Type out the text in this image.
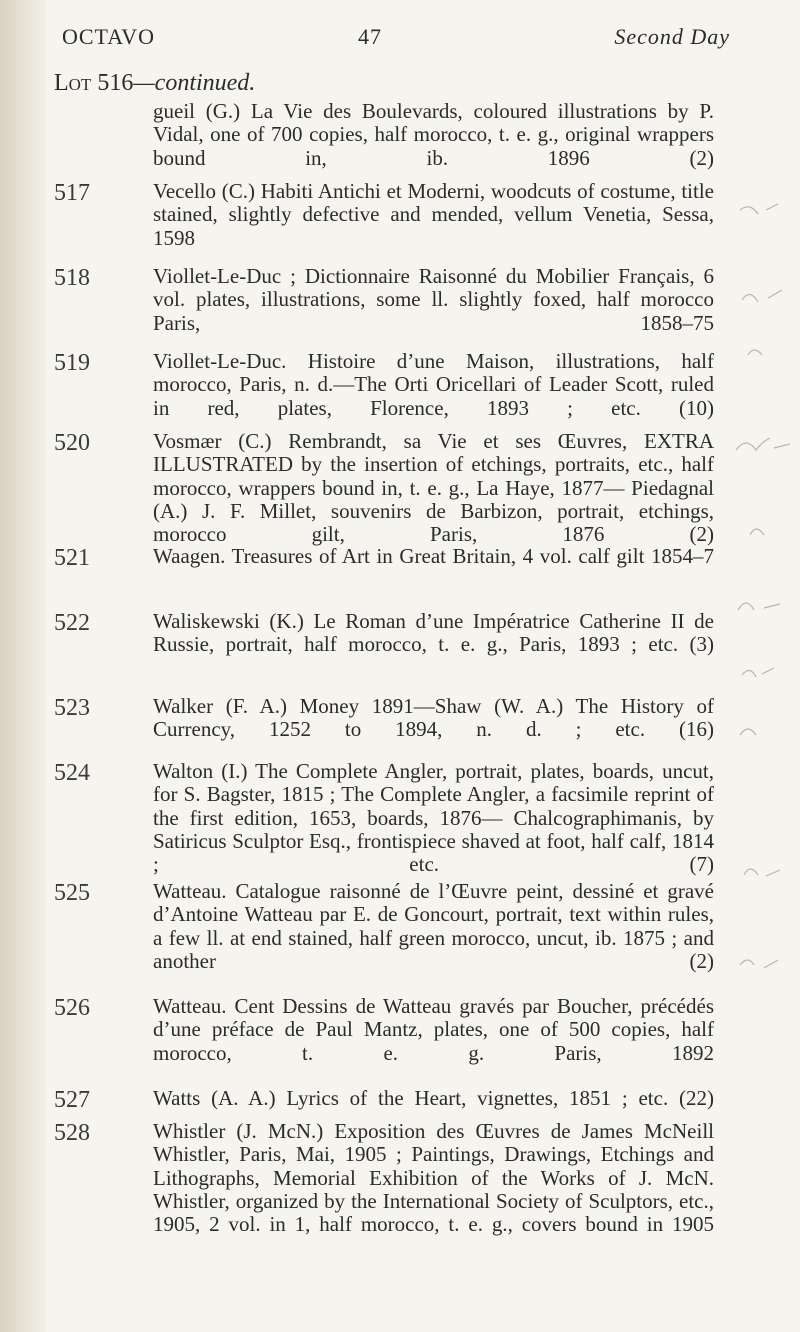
OCTAVO	47	Second Day
Lot 516—continued.
gueil (G.) La Vie des Boulevards, coloured illustrations by P. Vidal, one of 700 copies, half morocco, t. e. g., original wrappers bound in, ib. 1896 (2)
517	Vecello (C.) Habiti Antichi et Moderni, woodcuts of costume, title stained, slightly defective and mended, vellum Venetia, Sessa, 1598
518	Viollet-Le-Duc ; Dictionnaire Raisonné du Mobilier Français, 6 vol. plates, illustrations, some ll. slightly foxed, half morocco Paris, 1858–75
519	Viollet-Le-Duc. Histoire d’une Maison, illustrations, half morocco, Paris, n. d.—The Orti Oricellari of Leader Scott, ruled in red, plates, Florence, 1893 ; etc. (10)
520	Vosmær (C.) Rembrandt, sa Vie et ses Œuvres, EXTRA ILLUSTRATED by the insertion of etchings, portraits, etc., half morocco, wrappers bound in, t. e. g., La Haye, 1877— Piedagnal (A.) J. F. Millet, souvenirs de Barbizon, portrait, etchings, morocco gilt, Paris, 1876 (2)
521	Waagen. Treasures of Art in Great Britain, 4 vol. calf gilt 1854–7
522	Waliskewski (K.) Le Roman d’une Impératrice Catherine II de Russie, portrait, half morocco, t. e. g., Paris, 1893 ; etc. (3)
523	Walker (F. A.) Money 1891—Shaw (W. A.) The History of Currency, 1252 to 1894, n. d. ; etc. (16)
524	Walton (I.) The Complete Angler, portrait, plates, boards, uncut, for S. Bagster, 1815 ; The Complete Angler, a facsimile reprint of the first edition, 1653, boards, 1876— Chalcographimanis, by Satiricus Sculptor Esq., frontispiece shaved at foot, half calf, 1814 ; etc. (7)
525	Watteau. Catalogue raisonné de l’Œuvre peint, dessiné et gravé d’Antoine Watteau par E. de Goncourt, portrait, text within rules, a few ll. at end stained, half green morocco, uncut, ib. 1875 ; and another (2)
526	Watteau. Cent Dessins de Watteau gravés par Boucher, précédés d’une préface de Paul Mantz, plates, one of 500 copies, half morocco, t. e. g. Paris, 1892
527	Watts (A. A.) Lyrics of the Heart, vignettes, 1851 ; etc. (22)
528	Whistler (J. McN.) Exposition des Œuvres de James McNeill Whistler, Paris, Mai, 1905 ; Paintings, Drawings, Etchings and Lithographs, Memorial Exhibition of the Works of J. McN. Whistler, organized by the International Society of Sculptors, etc., 1905, 2 vol. in 1, half morocco, t. e. g., covers bound in 1905
